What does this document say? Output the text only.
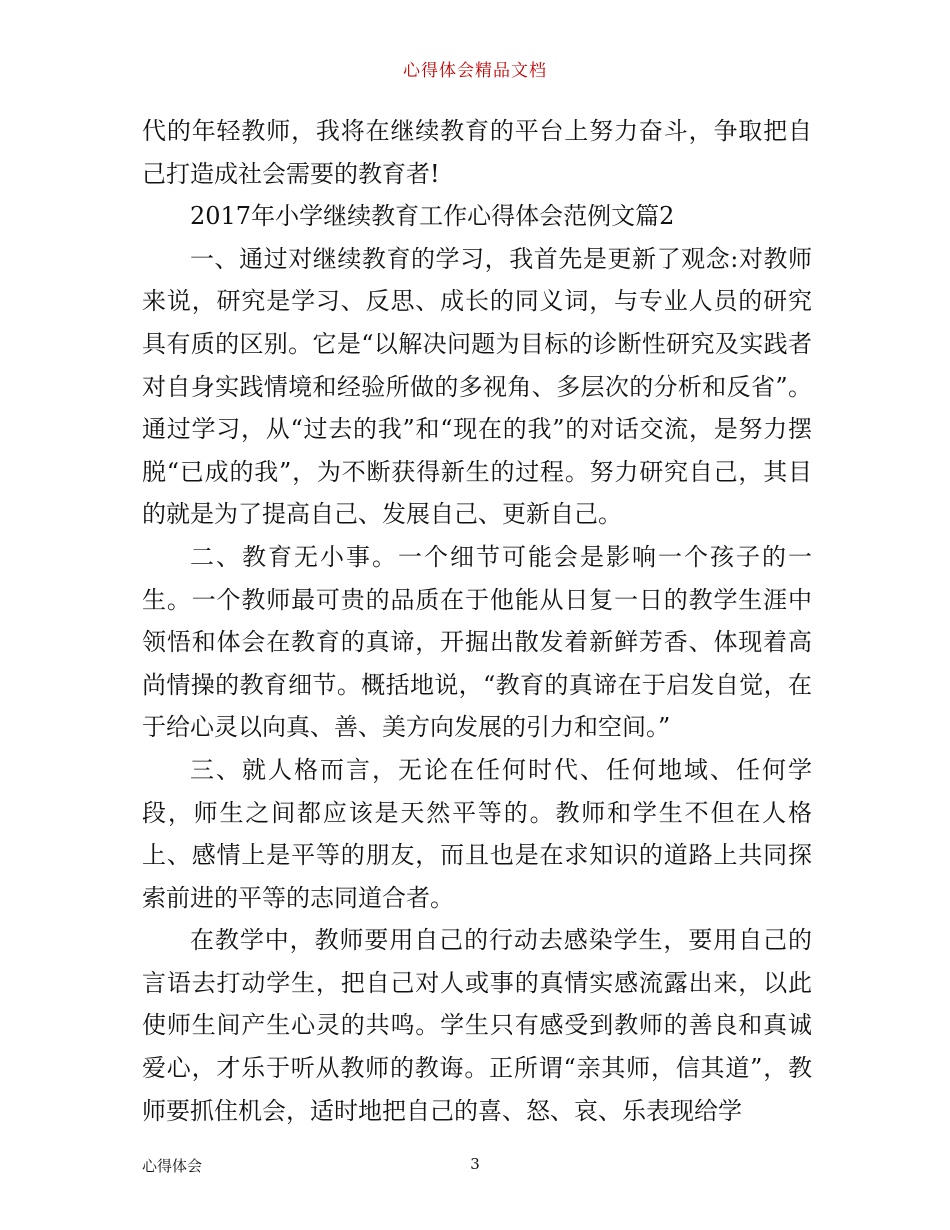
心得体会精品文档

代的年轻教师，我将在继续教育的平台上努力奋斗，争取把自己打造成社会需要的教育者!

2017年小学继续教育工作心得体会范例文篇2

一、通过对继续教育的学习，我首先是更新了观念:对教师来说，研究是学习、反思、成长的同义词，与专业人员的研究具有质的区别。它是“以解决问题为目标的诊断性研究及实践者对自身实践情境和经验所做的多视角、多层次的分析和反省”。通过学习，从“过去的我”和“现在的我”的对话交流，是努力摆脱“已成的我”，为不断获得新生的过程。努力研究自己，其目的就是为了提高自己、发展自己、更新自己。

二、教育无小事。一个细节可能会是影响一个孩子的一生。一个教师最可贵的品质在于他能从日复一日的教学生涯中领悟和体会在教育的真谛，开掘出散发着新鲜芳香、体现着高尚情操的教育细节。概括地说，“教育的真谛在于启发自觉，在于给心灵以向真、善、美方向发展的引力和空间。”

三、就人格而言，无论在任何时代、任何地域、任何学段，师生之间都应该是天然平等的。教师和学生不但在人格上、感情上是平等的朋友，而且也是在求知识的道路上共同探索前进的平等的志同道合者。

在教学中，教师要用自己的行动去感染学生，要用自己的言语去打动学生，把自己对人或事的真情实感流露出来，以此使师生间产生心灵的共鸣。学生只有感受到教师的善良和真诚爱心，才乐于听从教师的教诲。正所谓“亲其师，信其道”，教师要抓住机会，适时地把自己的喜、怒、哀、乐表现给学

心得体会	3
